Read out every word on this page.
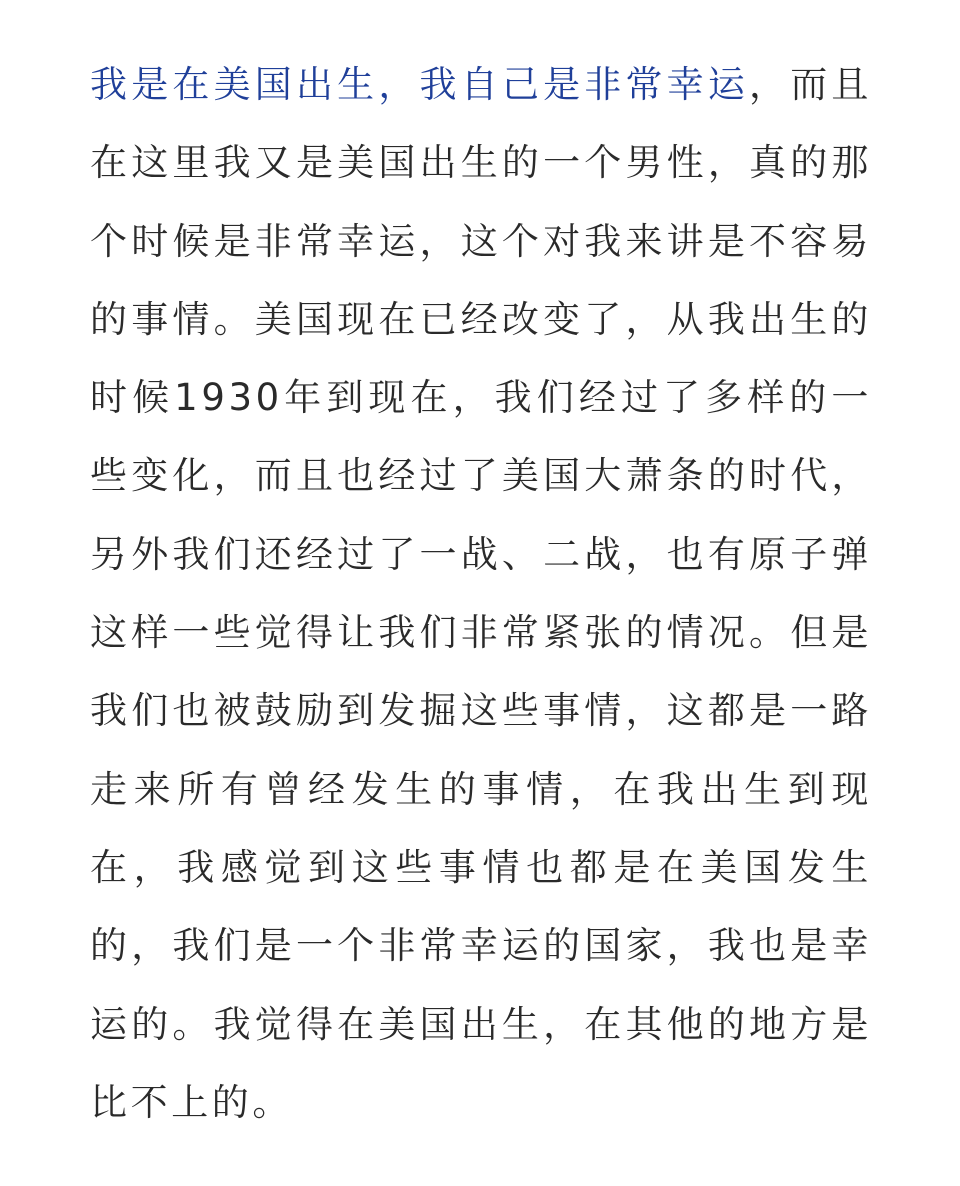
我是在美国出生，我自己是非常幸运，而且在这里我又是美国出生的一个男性，真的那个时候是非常幸运，这个对我来讲是不容易的事情。美国现在已经改变了，从我出生的时候1930年到现在，我们经过了多样的一些变化，而且也经过了美国大萧条的时代，另外我们还经过了一战、二战，也有原子弹这样一些觉得让我们非常紧张的情况。但是我们也被鼓励到发掘这些事情，这都是一路走来所有曾经发生的事情，在我出生到现在，我感觉到这些事情也都是在美国发生的，我们是一个非常幸运的国家，我也是幸运的。我觉得在美国出生，在其他的地方是比不上的。
